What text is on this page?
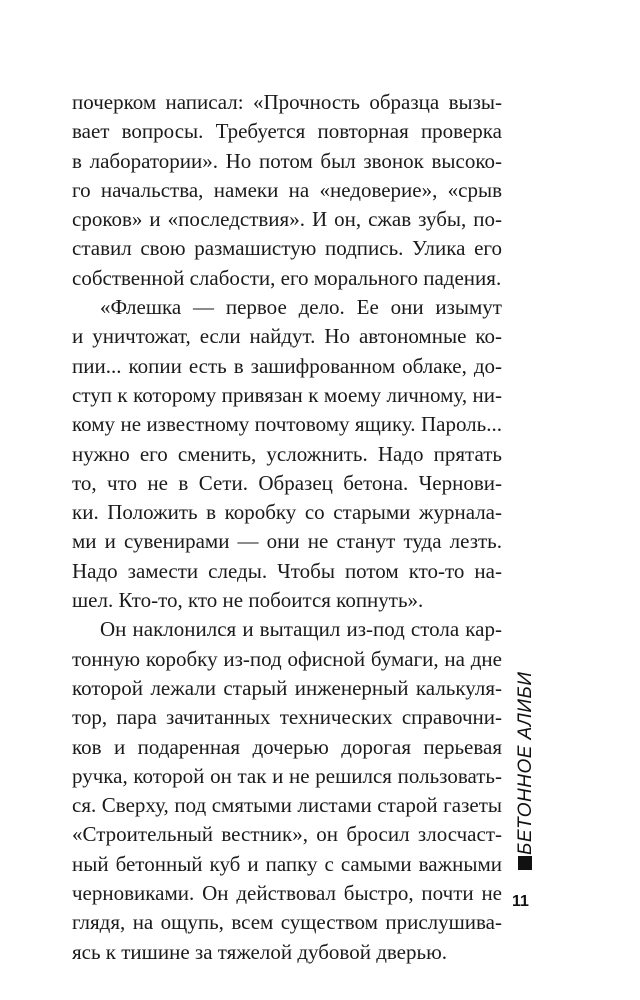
почерком написал: «Прочность образца вызы-
вает вопросы. Требуется повторная проверка
в лаборатории». Но потом был звонок высоко-
го начальства, намеки на «недоверие», «срыв
сроков» и «последствия». И он, сжав зубы, по-
ставил свою размашистую подпись. Улика его
собственной слабости, его морального падения.
«Флешка — первое дело. Ее они изымут
и уничтожат, если найдут. Но автономные ко-
пии... копии есть в зашифрованном облаке, до-
ступ к которому привязан к моему личному, ни-
кому не известному почтовому ящику. Пароль...
нужно его сменить, усложнить. Надо прятать
то, что не в Сети. Образец бетона. Чернови-
ки. Положить в коробку со старыми журнала-
ми и сувенирами — они не станут туда лезть.
Надо замести следы. Чтобы потом кто-то на-
шел. Кто-то, кто не побоится копнуть».
Он наклонился и вытащил из-под стола кар-
тонную коробку из-под офисной бумаги, на дне
которой лежали старый инженерный калькуля-
тор, пара зачитанных технических справочни-
ков и подаренная дочерью дорогая перьевая
ручка, которой он так и не решился пользовать-
ся. Сверху, под смятыми листами старой газеты
«Строительный вестник», он бросил злосчаст-
ный бетонный куб и папку с самыми важными
черновиками. Он действовал быстро, почти не
глядя, на ощупь, всем существом прислушива-
ясь к тишине за тяжелой дубовой дверью.
БЕТОННОЕ АЛИБИ
11
